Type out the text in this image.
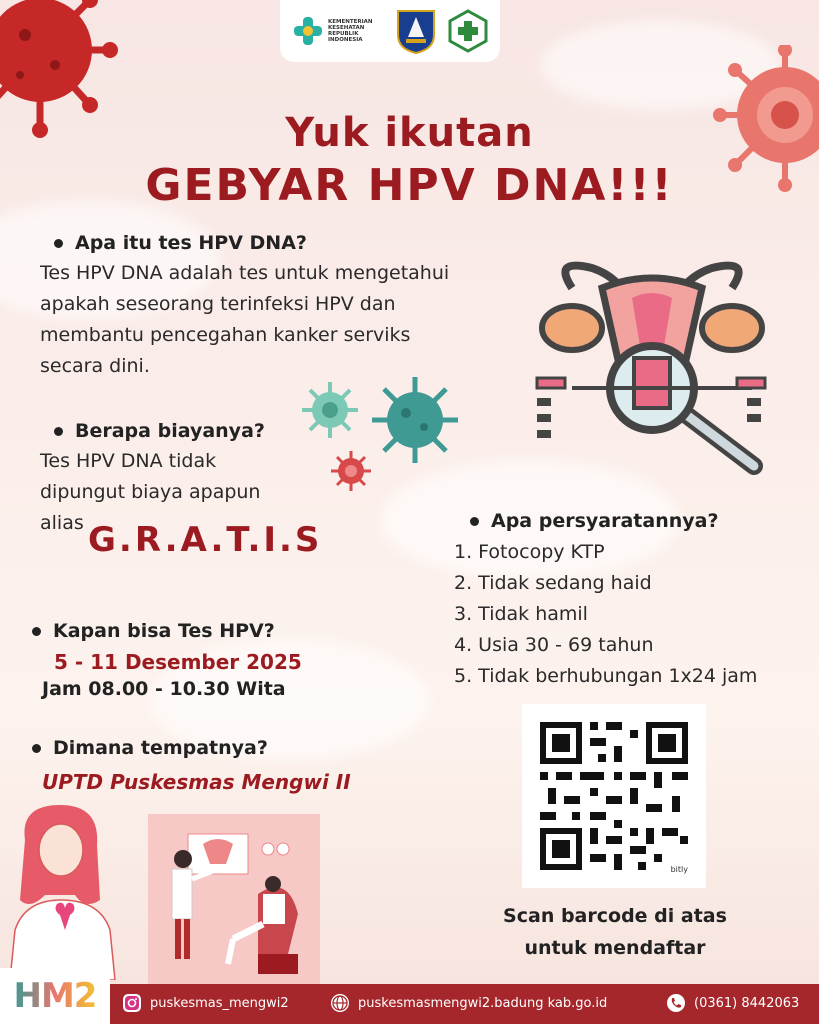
KEMENTERIAN KESEHATAN REPUBLIK INDONESIA
Yuk ikutan
GEBYAR HPV DNA!!!
Apa itu tes HPV DNA?
Tes HPV DNA adalah tes untuk mengetahui
apakah seseorang terinfeksi HPV dan
membantu pencegahan kanker serviks
secara dini.
Berapa biayanya?
Tes HPV DNA tidak
dipungut biaya apapun
alias G.R.A.T.I.S	Apa persyaratannya?
1. Fotocopy KTP
2. Tidak sedang haid
3. Tidak hamil
4. Usia 30 - 69 tahun
5. Tidak berhubungan 1x24 jam
Kapan bisa Tes HPV?
5 - 11 Desember 2025
Jam 08.00 - 10.30 Wita
Dimana tempatnya?
UPTD Puskesmas Mengwi II
bitly
Scan barcode di atas
untuk mendaftar
HM2	puskesmas_mengwi2	puskesmasmengwi2.badung kab.go.id	(0361) 8442063
